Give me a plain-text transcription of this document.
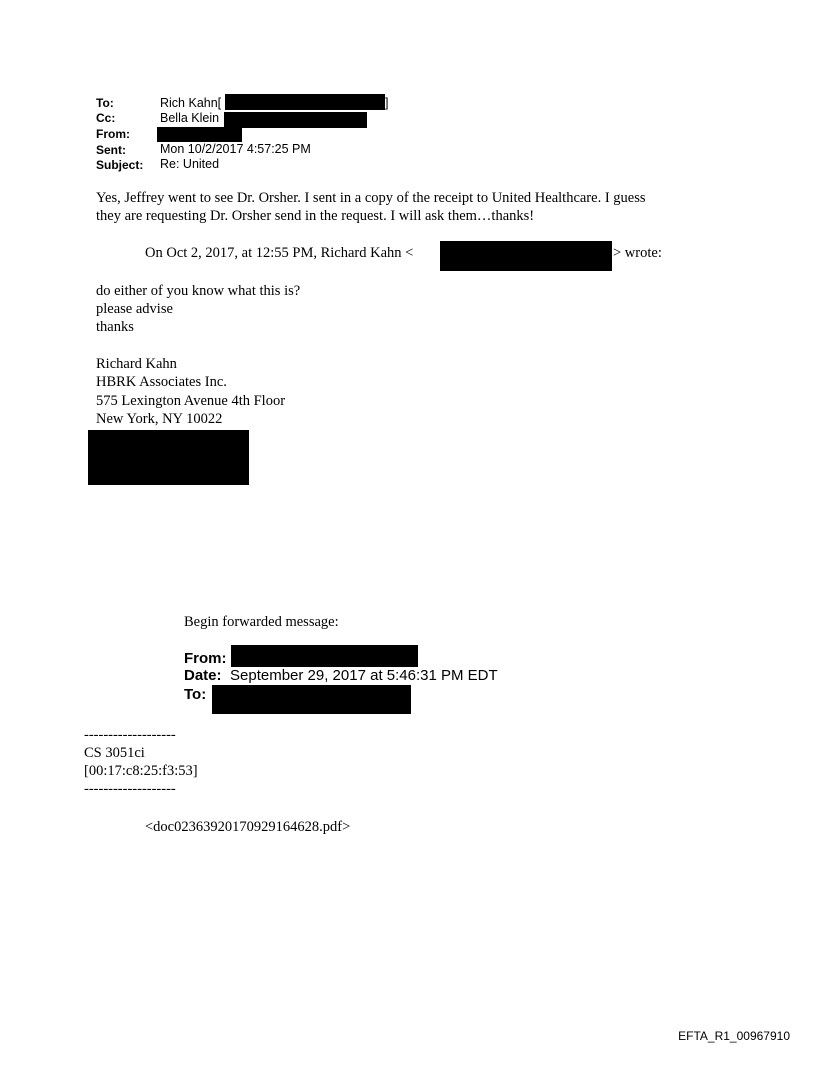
To:	Rich Kahn[	]
Cc:	Bella Klein
From:
Sent:	Mon 10/2/2017 4:57:25 PM
Subject: Re: United
Yes, Jeffrey went to see Dr. Orsher. I sent in a copy of the receipt to United Healthcare. I guess
they are requesting Dr. Orsher send in the request. I will ask them…thanks!
On Oct 2, 2017, at 12:55 PM, Richard Kahn <	> wrote:
do either of you know what this is?
please advise
thanks
Richard Kahn
HBRK Associates Inc.
575 Lexington Avenue 4th Floor
New York, NY 10022
Begin forwarded message:
From:
Date: September 29, 2017 at 5:46:31 PM EDT
To:
-------------------
CS 3051ci
[00:17:c8:25:f3:53]
-------------------
<doc02363920170929164628.pdf>
EFTA_R1_00967910
